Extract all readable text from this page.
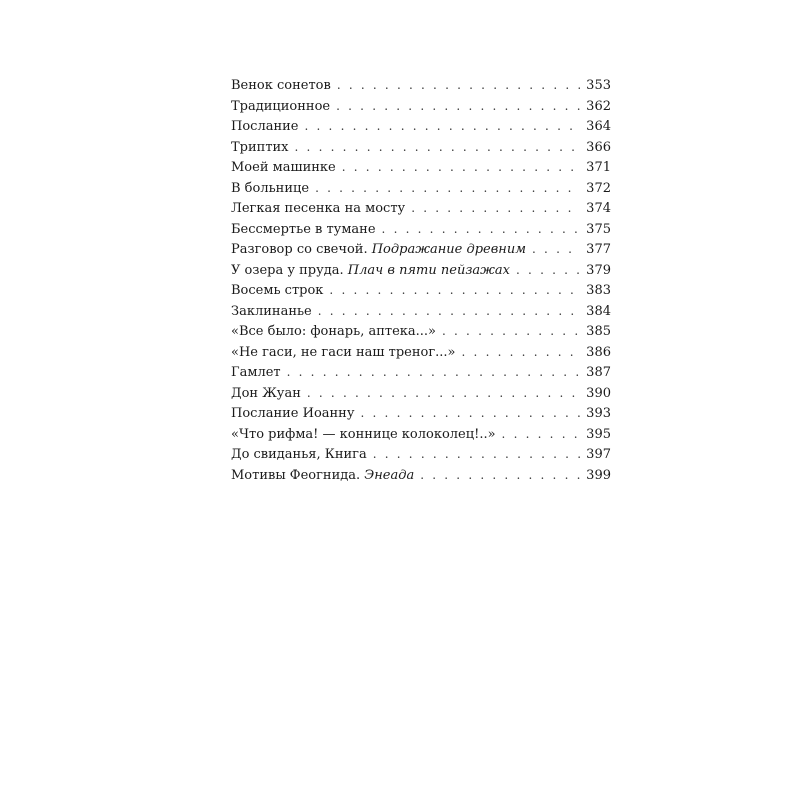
Венок сонетов . . .	353
Традиционное . . .	362
Послание . . .	364
Триптих . . .	366
Моей машинке . . .	371
В больнице . . .	372
Легкая песенка на мосту . . .	374
Бессмертье в тумане . . .	375
Разговор со свечой. Подражание древним . . .	377
У озера у пруда. Плач в пяти пейзажах . . .	379
Восемь строк . . .	383
Заклинанье . . .	384
«Все было: фонарь, аптека...» . . .	385
«Не гаси, не гаси наш треног...» . . .	386
Гамлет . . .	387
Дон Жуан . . .	390
Послание Иоанну . . .	393
«Что рифма! — коннице колоколец!..» . . .	395
До свиданья, Книга . . .	397
Мотивы Феогнида. Энеада . . .	399
